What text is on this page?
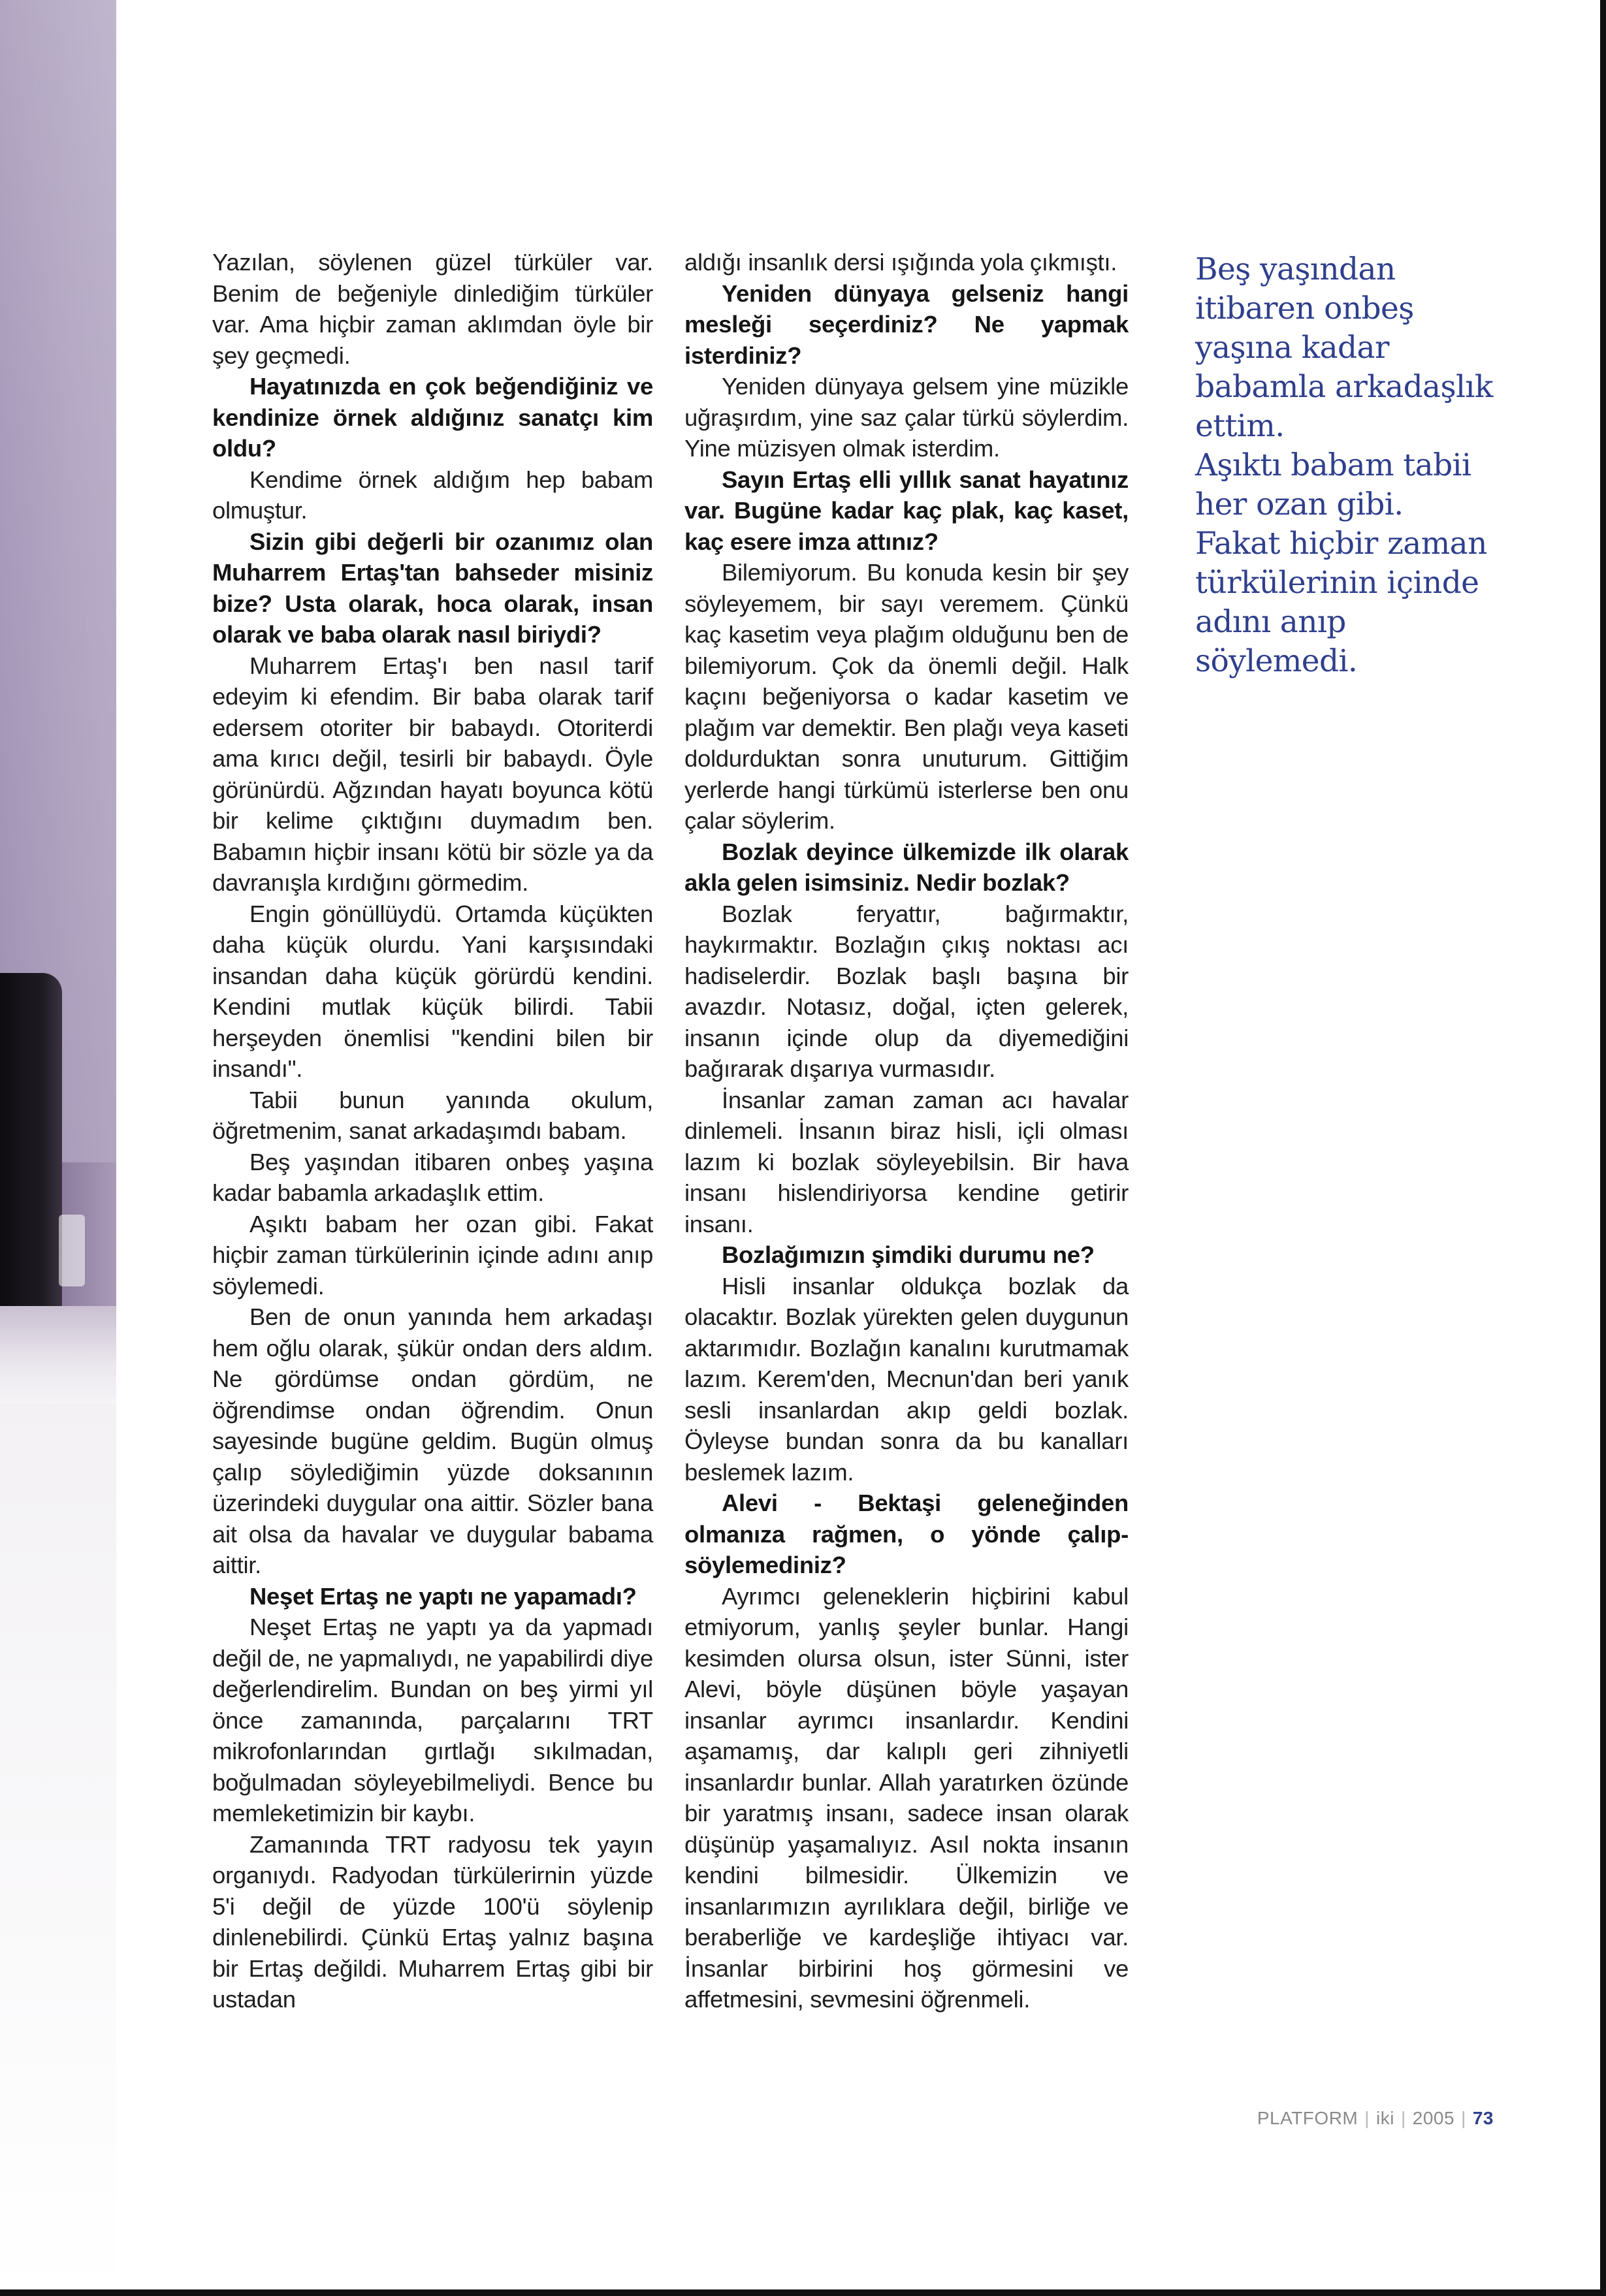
Yazılan, söylenen güzel türküler var. Benim de beğeniyle dinlediğim türküler var. Ama hiçbir zaman aklımdan öyle bir şey geçmedi.

Hayatınızda en çok beğendiğiniz ve kendinize örnek aldığınız sanatçı kim oldu?

Kendime örnek aldığım hep babam olmuştur.

Sizin gibi değerli bir ozanımız olan Muharrem Ertaş'tan bahseder misiniz bize? Usta olarak, hoca olarak, insan olarak ve baba olarak nasıl biriydi?

Muharrem Ertaş'ı ben nasıl tarif edeyim ki efendim. Bir baba olarak tarif edersem otoriter bir babaydı. Otoriterdi ama kırıcı değil, tesirli bir babaydı. Öyle görünürdü. Ağzından hayatı boyunca kötü bir kelime çıktığını duymadım ben. Babamın hiçbir insanı kötü bir sözle ya da davranışla kırdığını görmedim.

Engin gönüllüydü. Ortamda küçükten daha küçük olurdu. Yani karşısındaki insandan daha küçük görürdü kendini. Kendini mutlak küçük bilirdi. Tabii herşeyden önemlisi "kendini bilen bir insandı".

Tabii bunun yanında okulum, öğretmenim, sanat arkadaşımdı babam.

Beş yaşından itibaren onbeş yaşına kadar babamla arkadaşlık ettim.

Aşıktı babam her ozan gibi. Fakat hiçbir zaman türkülerinin içinde adını anıp söylemedi.

Ben de onun yanında hem arkadaşı hem oğlu olarak, şükür ondan ders aldım. Ne gördümse ondan gördüm, ne öğrendimse ondan öğrendim. Onun sayesinde bugüne geldim. Bugün olmuş çalıp söylediğimin yüzde doksanının üzerindeki duygular ona aittir. Sözler bana ait olsa da havalar ve duygular babama aittir.

Neşet Ertaş ne yaptı ne yapamadı?

Neşet Ertaş ne yaptı ya da yapmadı değil de, ne yapmalıydı, ne yapabilirdi diye değerlendirelim. Bundan on beş yirmi yıl önce zamanında, parçalarını TRT mikrofonlarından gırtlağı sıkılmadan, boğulmadan söyleyebilmeliydi. Bence bu memleketimizin bir kaybı.

Zamanında TRT radyosu tek yayın organıydı. Radyodan türkülerirnin yüzde 5'i değil de yüzde 100'ü söylenip dinlenebilirdi. Çünkü Ertaş yalnız başına bir Ertaş değildi. Muharrem Ertaş gibi bir ustadan

aldığı insanlık dersi ışığında yola çıkmıştı.

Yeniden dünyaya gelseniz hangi mesleği seçerdiniz? Ne yapmak isterdiniz?

Yeniden dünyaya gelsem yine müzikle uğraşırdım, yine saz çalar türkü söylerdim. Yine müzisyen olmak isterdim.

Sayın Ertaş elli yıllık sanat hayatınız var. Bugüne kadar kaç plak, kaç kaset, kaç esere imza attınız?

Bilemiyorum. Bu konuda kesin bir şey söyleyemem, bir sayı veremem. Çünkü kaç kasetim veya plağım olduğunu ben de bilemiyorum. Çok da önemli değil. Halk kaçını beğeniyorsa o kadar kasetim ve plağım var demektir. Ben plağı veya kaseti doldurduktan sonra unuturum. Gittiğim yerlerde hangi türkümü isterlerse ben onu çalar söylerim.

Bozlak deyince ülkemizde ilk olarak akla gelen isimsiniz. Nedir bozlak?

Bozlak feryattır, bağırmaktır, haykırmaktır. Bozlağın çıkış noktası acı hadiselerdir. Bozlak başlı başına bir avazdır. Notasız, doğal, içten gelerek, insanın içinde olup da diyemediğini bağırarak dışarıya vurmasıdır.

İnsanlar zaman zaman acı havalar dinlemeli. İnsanın biraz hisli, içli olması lazım ki bozlak söyleyebilsin. Bir hava insanı hislendiriyorsa kendine getirir insanı.

Bozlağımızın şimdiki durumu ne?

Hisli insanlar oldukça bozlak da olacaktır. Bozlak yürekten gelen duygunun aktarımıdır. Bozlağın kanalını kurutmamak lazım. Kerem'den, Mecnun'dan beri yanık sesli insanlardan akıp geldi bozlak. Öyleyse bundan sonra da bu kanalları beslemek lazım.

Alevi - Bektaşi geleneğinden olmanıza rağmen, o yönde çalıp-söylemediniz?

Ayrımcı geleneklerin hiçbirini kabul etmiyorum, yanlış şeyler bunlar. Hangi kesimden olursa olsun, ister Sünni, ister Alevi, böyle düşünen böyle yaşayan insanlar ayrımcı insanlardır. Kendini aşamamış, dar kalıplı geri zihniyetli insanlardır bunlar. Allah yaratırken özünde bir yaratmış insanı, sadece insan olarak düşünüp yaşamalıyız. Asıl nokta insanın kendini bilmesidir. Ülkemizin ve insanlarımızın ayrılıklara değil, birliğe ve beraberliğe ve kardeşliğe ihtiyacı var. İnsanlar birbirini hoş görmesini ve affetmesini, sevmesini öğrenmeli.

Beş yaşından itibaren onbeş yaşına kadar babamla arkadaşlık ettim.

Aşıktı babam tabii her ozan gibi. Fakat hiçbir zaman türkülerinin içinde adını anıp söylemedi.

PLATFORM | iki | 2005 | 73
